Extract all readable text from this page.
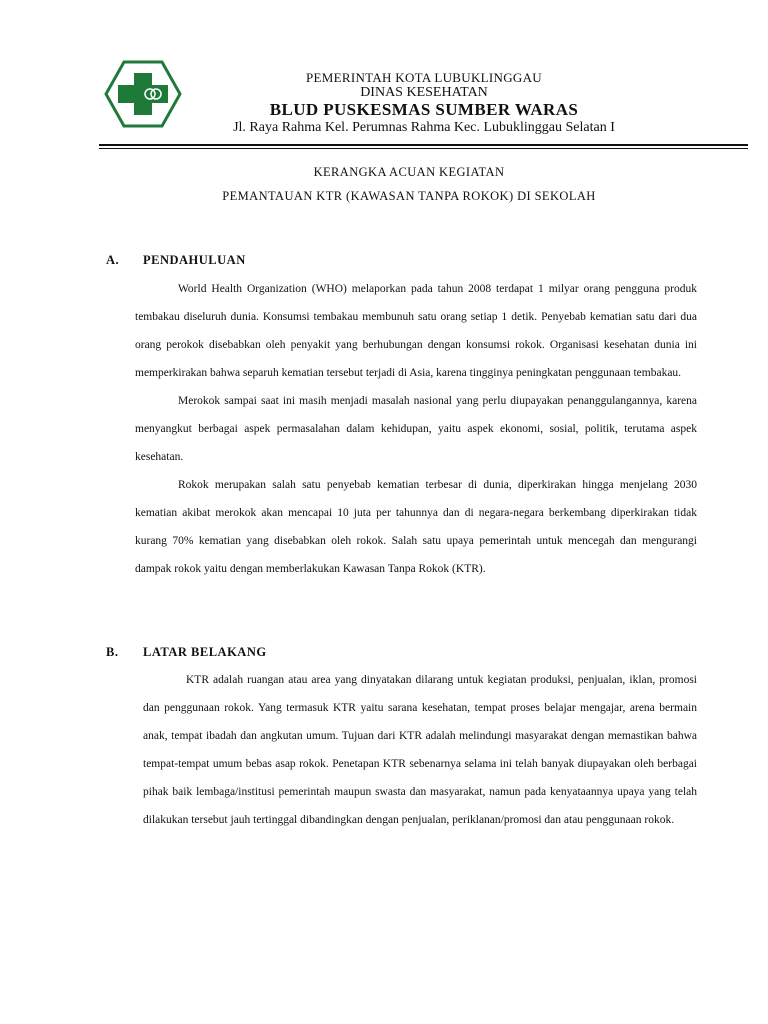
PEMERINTAH KOTA LUBUKLINGGAU
DINAS KESEHATAN
BLUD PUSKESMAS SUMBER WARAS
Jl. Raya Rahma Kel. Perumnas Rahma Kec. Lubuklinggau Selatan I
KERANGKA ACUAN KEGIATAN
PEMANTAUAN KTR (KAWASAN TANPA ROKOK) DI SEKOLAH
A. PENDAHULUAN

World Health Organization (WHO) melaporkan pada tahun 2008 terdapat 1 milyar orang pengguna produk tembakau diseluruh dunia. Konsumsi tembakau membunuh satu orang setiap 1 detik. Penyebab kematian satu dari dua orang perokok disebabkan oleh penyakit yang berhubungan dengan konsumsi rokok. Organisasi kesehatan dunia ini memperkirakan bahwa separuh kematian tersebut terjadi di Asia, karena tingginya peningkatan penggunaan tembakau.

Merokok sampai saat ini masih menjadi masalah nasional yang perlu diupayakan penanggulangannya, karena menyangkut berbagai aspek permasalahan dalam kehidupan, yaitu aspek ekonomi, sosial, politik, terutama aspek kesehatan.

Rokok merupakan salah satu penyebab kematian terbesar di dunia, diperkirakan hingga menjelang 2030 kematian akibat merokok akan mencapai 10 juta per tahunnya dan di negara-negara berkembang diperkirakan tidak kurang 70% kematian yang disebabkan oleh rokok. Salah satu upaya pemerintah untuk mencegah dan mengurangi dampak rokok yaitu dengan memberlakukan Kawasan Tanpa Rokok (KTR).

B. LATAR BELAKANG

KTR adalah ruangan atau area yang dinyatakan dilarang untuk kegiatan produksi, penjualan, iklan, promosi dan penggunaan rokok. Yang termasuk KTR yaitu sarana kesehatan, tempat proses belajar mengajar, arena bermain anak, tempat ibadah dan angkutan umum. Tujuan dari KTR adalah melindungi masyarakat dengan memastikan bahwa tempat-tempat umum bebas asap rokok. Penetapan KTR sebenarnya selama ini telah banyak diupayakan oleh berbagai pihak baik lembaga/institusi pemerintah maupun swasta dan masyarakat, namun pada kenyataannya upaya yang telah dilakukan tersebut jauh tertinggal dibandingkan dengan penjualan, periklanan/promosi dan atau penggunaan rokok.
